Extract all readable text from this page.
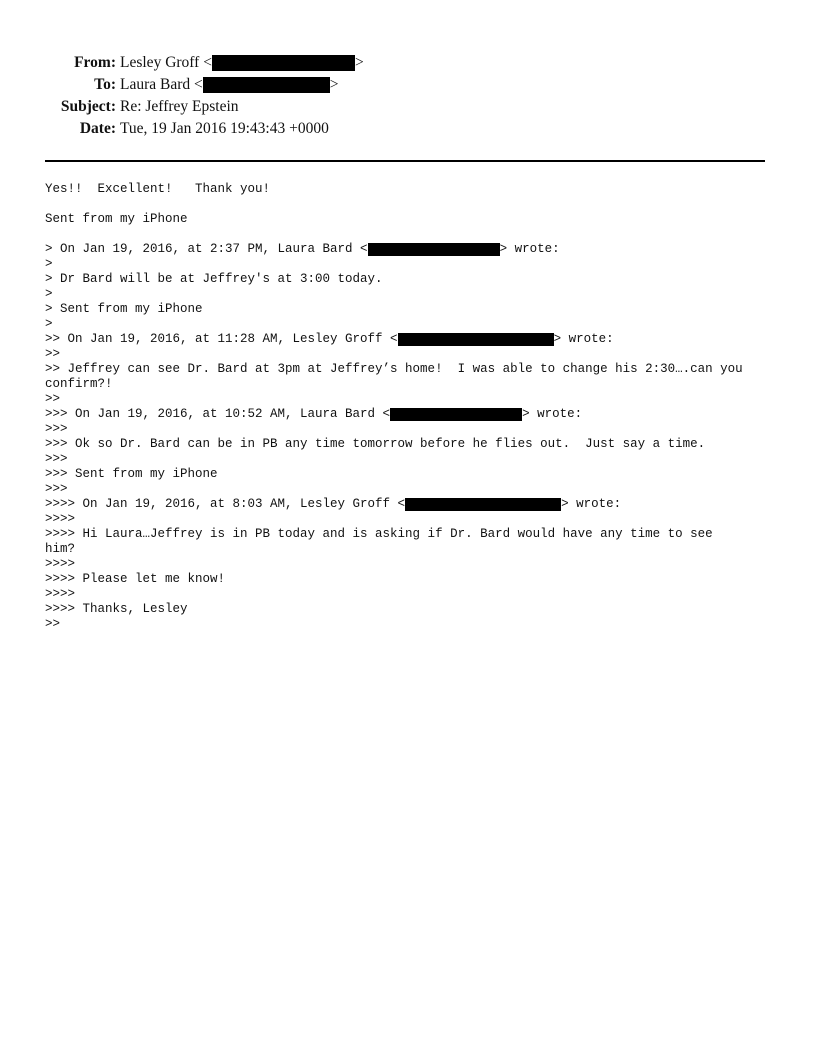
From: Lesley Groff <	>
To: Laura Bard <	>
Subject: Re: Jeffrey Epstein
Date: Tue, 19 Jan 2016 19:43:43 +0000
Yes!!  Excellent!   Thank you!
Sent from my iPhone
> On Jan 19, 2016, at 2:37 PM, Laura Bard <	> wrote:
>
> Dr Bard will be at Jeffrey's at 3:00 today.
>
> Sent from my iPhone
>
>> On Jan 19, 2016, at 11:28 AM, Lesley Groff <	> wrote:
>>
>> Jeffrey can see Dr. Bard at 3pm at Jeffrey’s home!  I was able to change his 2:30….can you
confirm?!
>>
>>> On Jan 19, 2016, at 10:52 AM, Laura Bard <	> wrote:
>>>
>>> Ok so Dr. Bard can be in PB any time tomorrow before he flies out.  Just say a time.
>>>
>>> Sent from my iPhone
>>>
>>>> On Jan 19, 2016, at 8:03 AM, Lesley Groff <	> wrote:
>>>>
>>>> Hi Laura…Jeffrey is in PB today and is asking if Dr. Bard would have any time to see
him?
>>>>
>>>> Please let me know!
>>>>
>>>> Thanks, Lesley
>>
